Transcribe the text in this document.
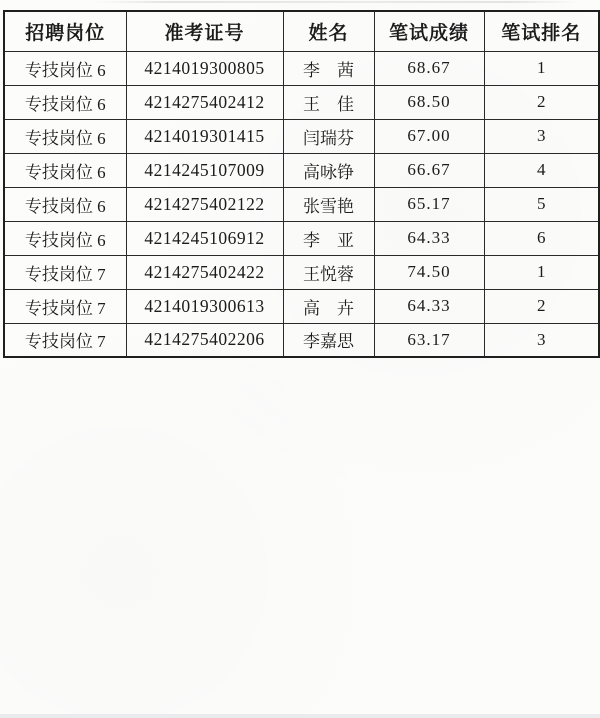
招聘岗位	准考证号	姓名	笔试成绩	笔试排名
专技岗位 6	4214019300805	李　茜	68.67	1
专技岗位 6	4214275402412	王　佳	68.50	2
专技岗位 6	4214019301415	闫瑞芬	67.00	3
专技岗位 6	4214245107009	高咏铮	66.67	4
专技岗位 6	4214275402122	张雪艳	65.17	5
专技岗位 6	4214245106912	李　亚	64.33	6
专技岗位 7	4214275402422	王悦蓉	74.50	1
专技岗位 7	4214019300613	高　卉	64.33	2
专技岗位 7	4214275402206	李嘉思	63.17	3
